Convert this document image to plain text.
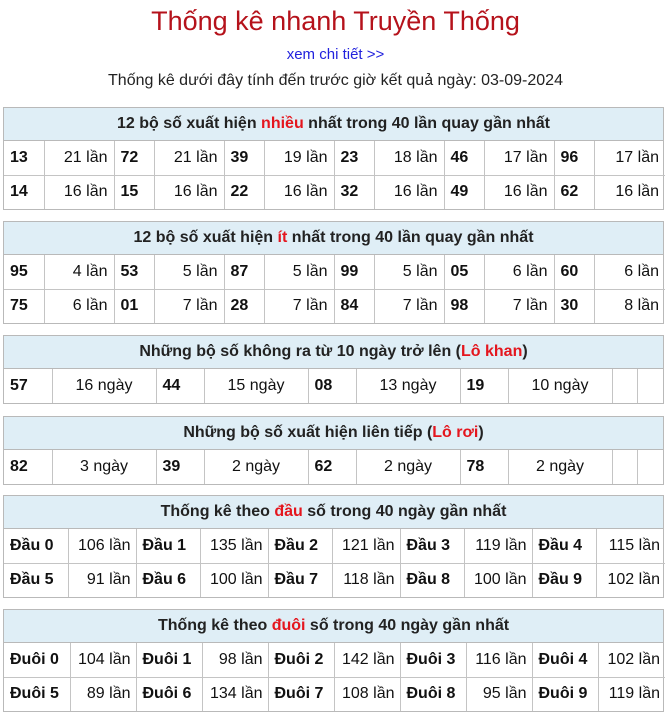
Thống kê nhanh Truyền Thống
xem chi tiết >>
Thống kê dưới đây tính đến trước giờ kết quả ngày: 03-09-2024
12 bộ số xuất hiện nhiều nhất trong 40 lần quay gần nhất
13	21 lần	72	21 lần	39	19 lần	23	18 lần	46	17 lần	96	17 lần
14	16 lần	15	16 lần	22	16 lần	32	16 lần	49	16 lần	62	16 lần
12 bộ số xuất hiện ít nhất trong 40 lần quay gần nhất
95	4 lần	53	5 lần	87	5 lần	99	5 lần	05	6 lần	60	6 lần
75	6 lần	01	7 lần	28	7 lần	84	7 lần	98	7 lần	30	8 lần
Những bộ số không ra từ 10 ngày trở lên (Lô khan)
57	16 ngày	44	15 ngày	08	13 ngày	19	10 ngày		
Những bộ số xuất hiện liên tiếp (Lô rơi)
82	3 ngày	39	2 ngày	62	2 ngày	78	2 ngày		
Thống kê theo đầu số trong 40 ngày gần nhất
Đầu 0	106 lần	Đầu 1	135 lần	Đầu 2	121 lần	Đầu 3	119 lần	Đầu 4	115 lần
Đầu 5	91 lần	Đầu 6	100 lần	Đầu 7	118 lần	Đầu 8	100 lần	Đầu 9	102 lần
Thống kê theo đuôi số trong 40 ngày gần nhất
Đuôi 0	104 lần	Đuôi 1	98 lần	Đuôi 2	142 lần	Đuôi 3	116 lần	Đuôi 4	102 lần
Đuôi 5	89 lần	Đuôi 6	134 lần	Đuôi 7	108 lần	Đuôi 8	95 lần	Đuôi 9	119 lần
